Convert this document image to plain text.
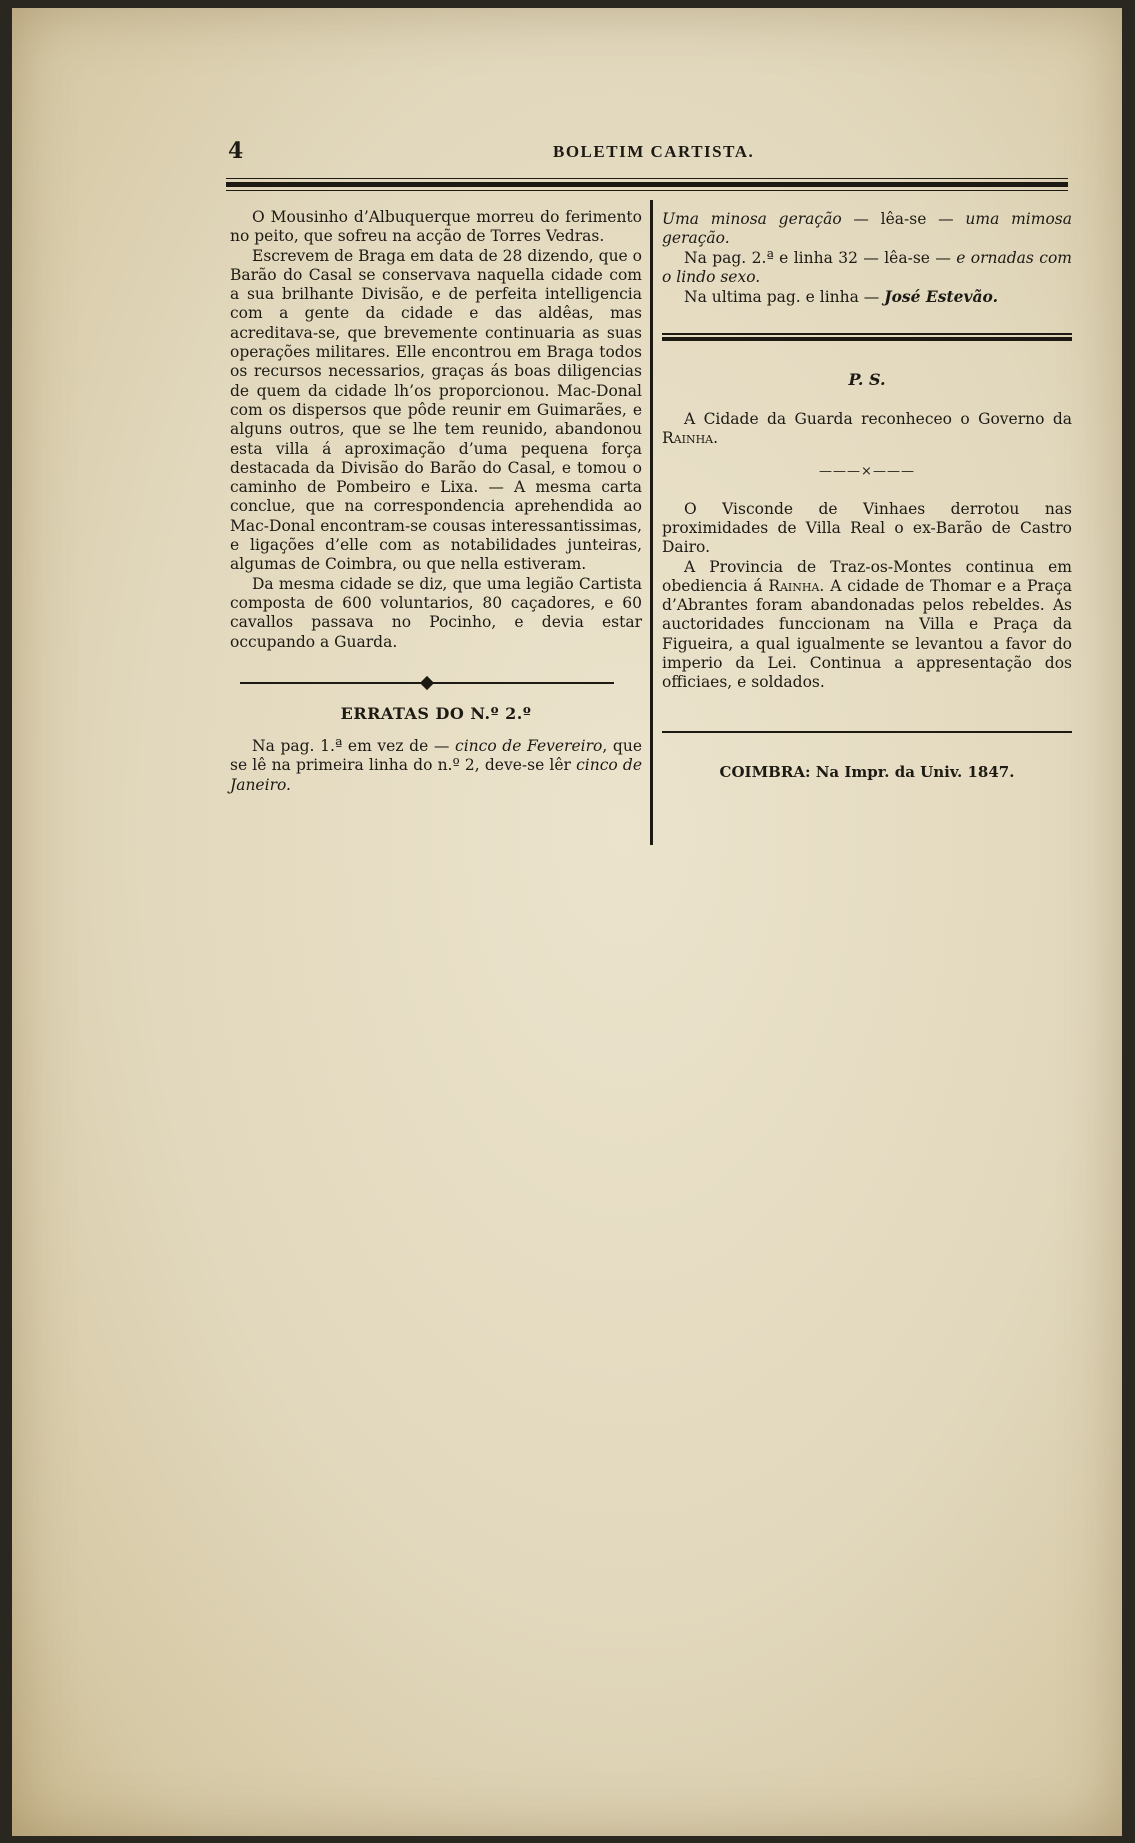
4	BOLETIM CARTISTA.

O Mousinho d’Albuquerque morreu do ferimento no peito, que sofreu na acção de Torres Vedras.

Escrevem de Braga em data de 28 dizendo, que o Barão do Casal se conservava naquella cidade com a sua brilhante Divisão, e de perfeita intelligencia com a gente da cidade e das aldêas, mas acreditava-se, que brevemente continuaria as suas operações militares. Elle encontrou em Braga todos os recursos necessarios, graças ás boas diligencias de quem da cidade lh’os proporcionou. Mac-Donal com os dispersos que pôde reunir em Guimarães, e alguns outros, que se lhe tem reunido, abandonou esta villa á aproximação d’uma pequena força destacada da Divisão do Barão do Casal, e tomou o caminho de Pombeiro e Lixa. — A mesma carta conclue, que na correspondencia aprehendida ao Mac-Donal encontram-se cousas interessantissimas, e ligações d’elle com as notabilidades junteiras, algumas de Coimbra, ou que nella estiveram.

Da mesma cidade se diz, que uma legião Cartista composta de 600 voluntarios, 80 caçadores, e 60 cavallos passava no Pocinho, e devia estar occupando a Guarda.

ERRATAS DO N.º 2.º

Na pag. 1.ª em vez de — cinco de Fevereiro, que se lê na primeira linha do n.º 2, deve-se lêr cinco de Janeiro.

Uma minosa geração — lêa-se — uma mimosa geração.

Na pag. 2.ª e linha 32 — lêa-se — e ornadas com o lindo sexo.

Na ultima pag. e linha — José Estevão.

P. S.

A Cidade da Guarda reconheceo o Governo da Rainha.

———×———

O Visconde de Vinhaes derrotou nas proximidades de Villa Real o ex-Barão de Castro Dairo.

A Provincia de Traz-os-Montes continua em obediencia á Rainha. A cidade de Thomar e a Praça d’Abrantes foram abandonadas pelos rebeldes. As auctoridades funccionam na Villa e Praça da Figueira, a qual igualmente se levantou a favor do imperio da Lei. Continua a appresentação dos officiaes, e soldados.

COIMBRA: Na Impr. da Univ. 1847.
